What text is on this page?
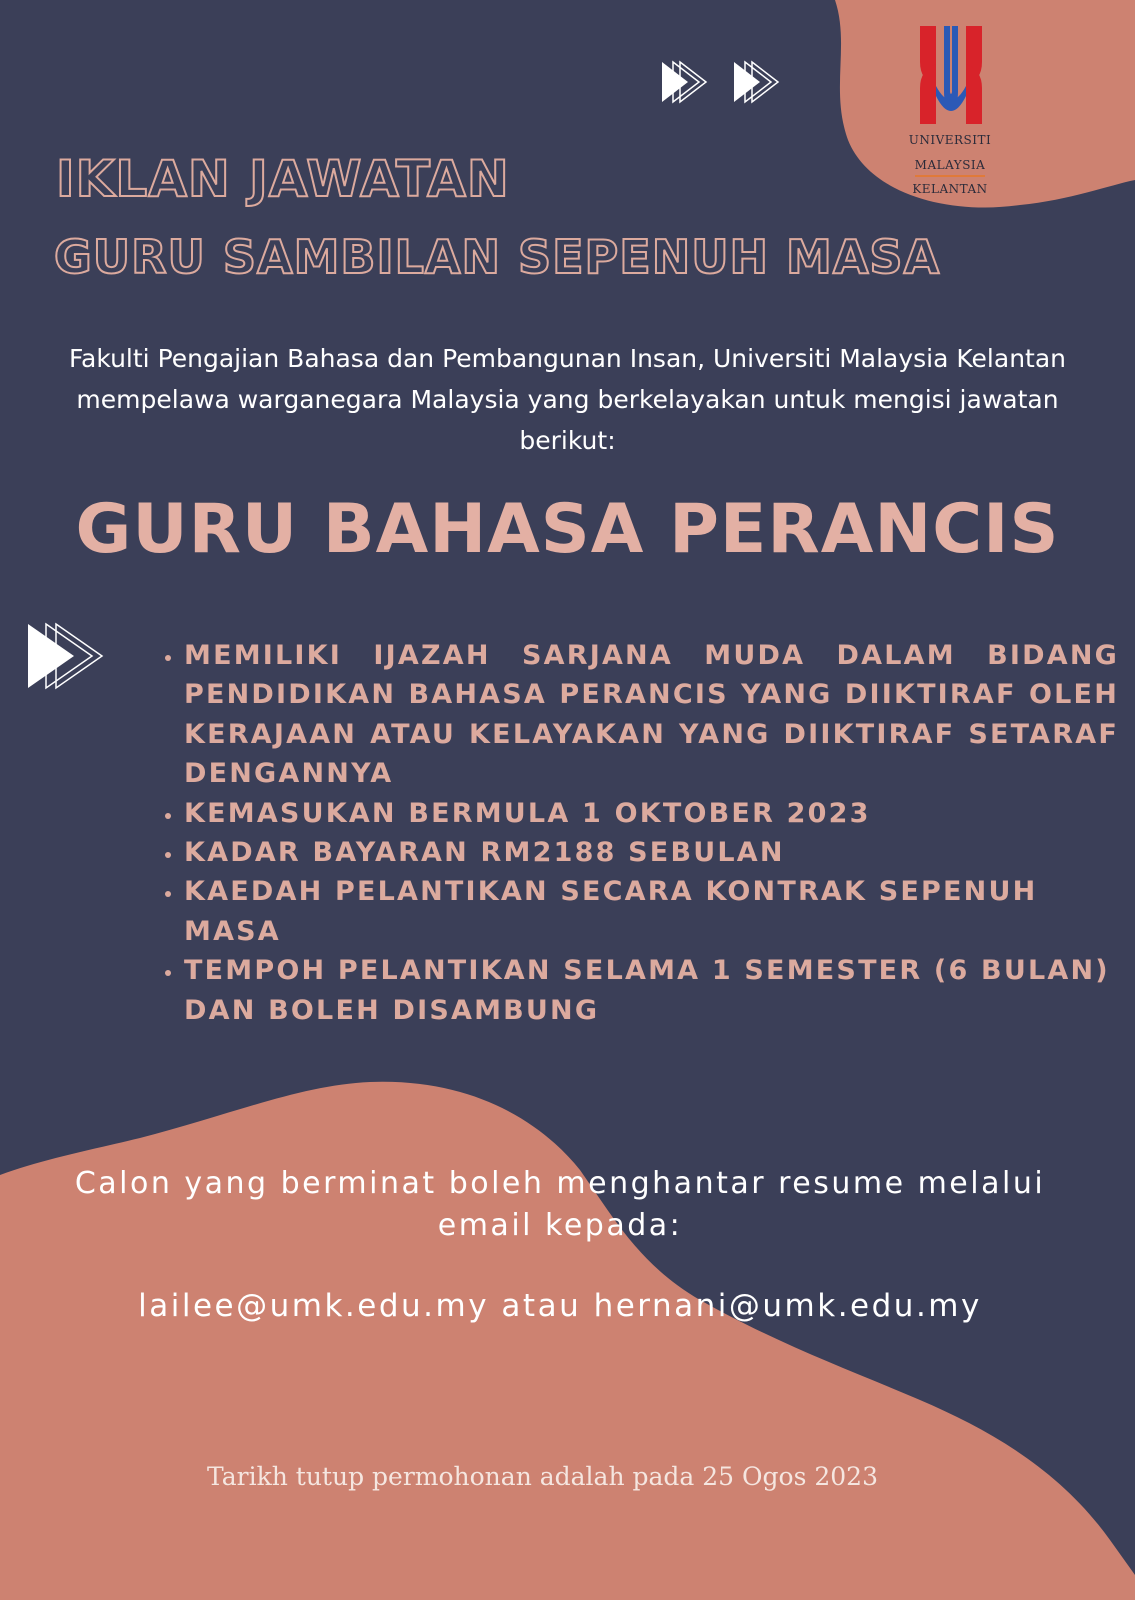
UNIVERSITI
MALAYSIA
KELANTAN
IKLAN JAWATAN
GURU SAMBILAN SEPENUH MASA

Fakulti Pengajian Bahasa dan Pembangunan Insan, Universiti Malaysia Kelantan mempelawa warganegara Malaysia yang berkelayakan untuk mengisi jawatan berikut:

GURU BAHASA PERANCIS
• MEMILIKI IJAZAH SARJANA MUDA DALAM BIDANG PENDIDIKAN BAHASA PERANCIS YANG DIIKTIRAF OLEH KERAJAAN ATAU KELAYAKAN YANG DIIKTIRAF SETARAF DENGANNYA
• KEMASUKAN BERMULA 1 OKTOBER 2023
• KADAR BAYARAN RM2188 SEBULAN
• KAEDAH PELANTIKAN SECARA KONTRAK SEPENUH MASA
• TEMPOH PELANTIKAN SELAMA 1 SEMESTER (6 BULAN) DAN BOLEH DISAMBUNG

Calon yang berminat boleh menghantar resume melalui email kepada:

lailee@umk.edu.my atau hernani@umk.edu.my

Tarikh tutup permohonan adalah pada 25 Ogos 2023
